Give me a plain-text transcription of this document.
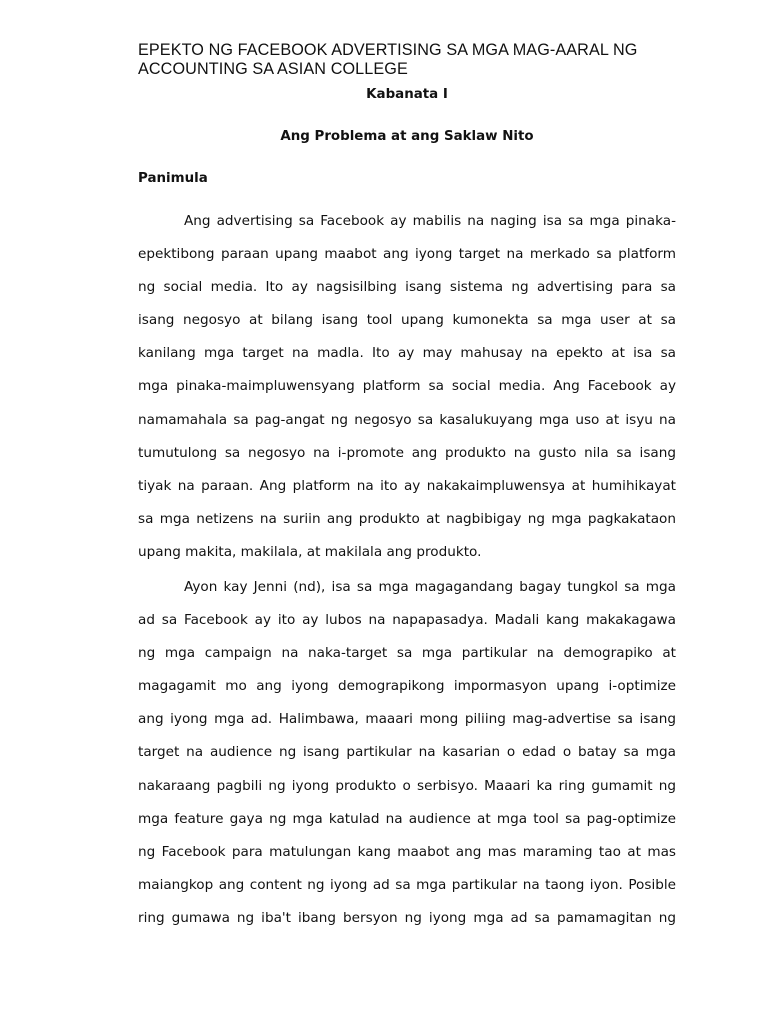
EPEKTO NG FACEBOOK ADVERTISING SA MGA MAG-AARAL NG ACCOUNTING SA ASIAN COLLEGE
Kabanata I
Ang Problema at ang Saklaw Nito
Panimula
Ang advertising sa Facebook ay mabilis na naging isa sa mga pinaka-
epektibong paraan upang maabot ang iyong target na merkado sa platform
ng social media. Ito ay nagsisilbing isang sistema ng advertising para sa
isang negosyo at bilang isang tool upang kumonekta sa mga user at sa
kanilang mga target na madla. Ito ay may mahusay na epekto at isa sa
mga pinaka-maimpluwensyang platform sa social media. Ang Facebook ay
namamahala sa pag-angat ng negosyo sa kasalukuyang mga uso at isyu na
tumutulong sa negosyo na i-promote ang produkto na gusto nila sa isang
tiyak na paraan. Ang platform na ito ay nakakaimpluwensya at humihikayat
sa mga netizens na suriin ang produkto at nagbibigay ng mga pagkakataon
upang makita, makilala, at makilala ang produkto.
Ayon kay Jenni (nd), isa sa mga magagandang bagay tungkol sa mga
ad sa Facebook ay ito ay lubos na napapasadya. Madali kang makakagawa
ng mga campaign na naka-target sa mga partikular na demograpiko at
magagamit mo ang iyong demograpikong impormasyon upang i-optimize
ang iyong mga ad. Halimbawa, maaari mong piliing mag-advertise sa isang
target na audience ng isang partikular na kasarian o edad o batay sa mga
nakaraang pagbili ng iyong produkto o serbisyo. Maaari ka ring gumamit ng
mga feature gaya ng mga katulad na audience at mga tool sa pag-optimize
ng Facebook para matulungan kang maabot ang mas maraming tao at mas
maiangkop ang content ng iyong ad sa mga partikular na taong iyon. Posible
ring gumawa ng iba't ibang bersyon ng iyong mga ad sa pamamagitan ng
